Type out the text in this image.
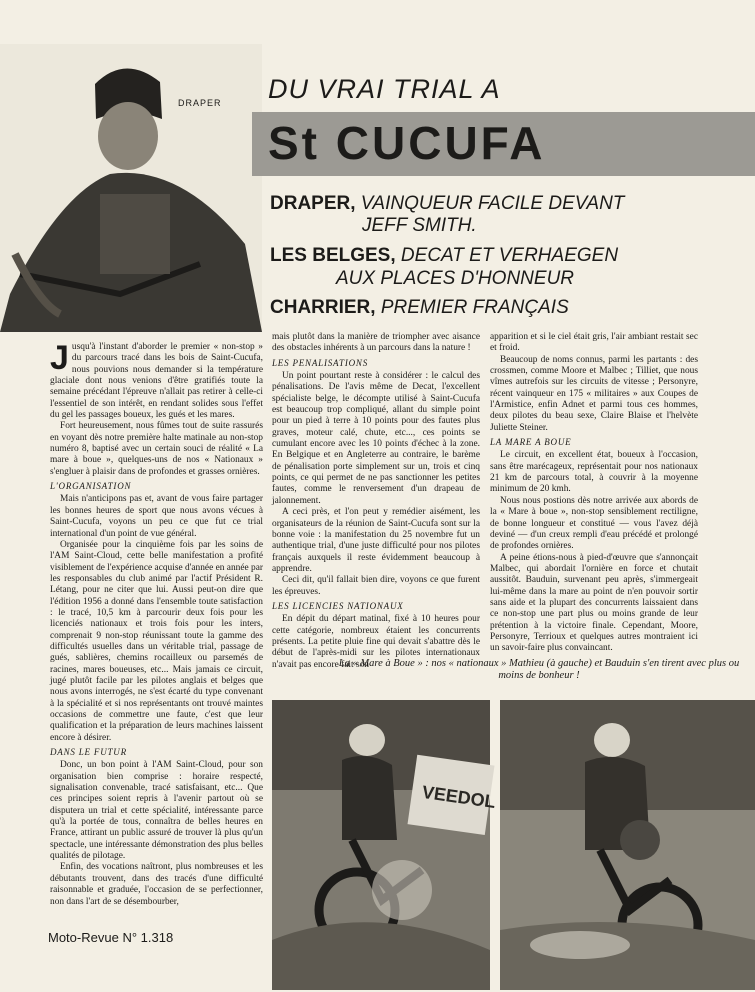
DRAPER DU VRAI TRIAL A
St CUCUFA
DRAPER, VAINQUEUR FACILE DEVANT
JEFF SMITH.
LES BELGES, DECAT ET VERHAEGEN
AUX PLACES D'HONNEUR
CHARRIER, PREMIER FRANÇAIS

Jusqu'à l'instant d'aborder le premier « non-stop » du parcours tracé dans les bois de Saint-Cucufa, nous pouvions nous demander si la température glaciale dont nous venions d'être gratifiés toute la semaine précédant l'épreuve n'allait pas retirer à celle-ci l'essentiel de son intérêt, en rendant solides sous l'effet du gel les passages boueux, les gués et les mares.

Fort heureusement, nous fûmes tout de suite rassurés en voyant dès notre première halte matinale au non-stop numéro 8, baptisé avec un certain souci de réalité « La mare à boue », quelques-uns de nos « Nationaux » s'engluer à plaisir dans de profondes et grasses ornières.

L'ORGANISATION

Mais n'anticipons pas et, avant de vous faire partager les bonnes heures de sport que nous avons vécues à Saint-Cucufa, voyons un peu ce que fut ce trial international d'un point de vue général.

Organisée pour la cinquième fois par les soins de l'AM Saint-Cloud, cette belle manifestation a profité visiblement de l'expérience acquise d'année en année par les responsables du club animé par l'actif Président R. Létang, pour ne citer que lui. Aussi peut-on dire que l'édition 1956 a donné dans l'ensemble toute satisfaction : le tracé, 10,5 km à parcourir deux fois pour les licenciés nationaux et trois fois pour les inters, comprenait 9 non-stop réunissant toute la gamme des difficultés usuelles dans un véritable trial, passage de gués, sablières, chemins rocailleux ou parsemés de racines, mares boueuses, etc... Mais jamais ce circuit, jugé plutôt facile par les pilotes anglais et belges que nous avons interrogés, ne s'est écarté du type convenant à la spécialité et si nos représentants ont trouvé maintes occasions de commettre une faute, c'est que leur qualification et la préparation de leurs machines laissent encore à désirer.

DANS LE FUTUR

Donc, un bon point à l'AM Saint-Cloud, pour son organisation bien comprise : horaire respecté, signalisation convenable, tracé satisfaisant, etc... Que ces principes soient repris à l'avenir partout où se disputera un trial et cette spécialité, intéressante parce qu'à la portée de tous, connaîtra de belles heures en France, attirant un public assuré de trouver là plus qu'un spectacle, une intéressante démonstration des plus belles qualités de pilotage.

Enfin, des vocations naîtront, plus nombreuses et les débutants trouvent, dans des tracés d'une difficulté raisonnable et graduée, l'occasion de se perfectionner, non dans l'art de se désembourber,

mais plutôt dans la manière de triompher avec aisance des obstacles inhérents à un parcours dans la nature !

LES PENALISATIONS

Un point pourtant reste à considérer : le calcul des pénalisations. De l'avis même de Decat, l'excellent spécialiste belge, le décompte utilisé à Saint-Cucufa est beaucoup trop compliqué, allant du simple point pour un pied à terre à 10 points pour des fautes plus graves, moteur calé, chute, etc..., ces points se cumulant encore avec les 10 points d'échec à la zone. En Belgique et en Angleterre au contraire, le barème de pénalisation porte simplement sur un, trois et cinq points, ce qui permet de ne pas sanctionner les petites fautes, comme le renversement d'un drapeau de jalonnement.

A ceci près, et l'on peut y remédier aisément, les organisateurs de la réunion de Saint-Cucufa sont sur la bonne voie : la manifestation du 25 novembre fut un authentique trial, d'une juste difficulté pour nos pilotes français auxquels il reste évidemment beaucoup à apprendre.

Ceci dit, qu'il fallait bien dire, voyons ce que furent les épreuves.

LES LICENCIES NATIONAUX

En dépit du départ matinal, fixé à 10 heures pour cette catégorie, nombreux étaient les concurrents présents. La petite pluie fine qui devait s'abattre dès le début de l'après-midi sur les pilotes internationaux n'avait pas encore fait son

apparition et si le ciel était gris, l'air ambiant restait sec et froid.

Beaucoup de noms connus, parmi les partants : des crossmen, comme Moore et Malbec ; Tilliet, que nous vîmes autrefois sur les circuits de vitesse ; Personyre, récent vainqueur en 175 « militaires » aux Coupes de l'Armistice, enfin Adnet et parmi tous ces hommes, deux pilotes du beau sexe, Claire Blaise et l'helvète Juliette Steiner.

LA MARE A BOUE

Le circuit, en excellent état, boueux à l'occasion, sans être marécageux, représentait pour nos nationaux 21 km de parcours total, à couvrir à la moyenne minimum de 20 kmh.

Nous nous postions dès notre arrivée aux abords de la « Mare à boue », non-stop sensiblement rectiligne, de bonne longueur et constitué — vous l'avez déjà deviné — d'un creux rempli d'eau précédé et prolongé de profondes ornières.

A peine étions-nous à pied-d'œuvre que s'annonçait Malbec, qui abordait l'ornière en force et chutait aussitôt. Bauduin, survenant peu après, s'immergeait lui-même dans la mare au point de n'en pouvoir sortir sans aide et la plupart des concurrents laissaient dans ce non-stop une part plus ou moins grande de leur prétention à la victoire finale. Cependant, Moore, Personyre, Terrioux et quelques autres montraient ici un savoir-faire plus convaincant.

La « Mare à Boue » : nos « nationaux » Mathieu (à gauche) et Bauduin s'en tirent avec plus ou moins de bonheur !
VEEDOL
Moto-Revue N° 1.318
